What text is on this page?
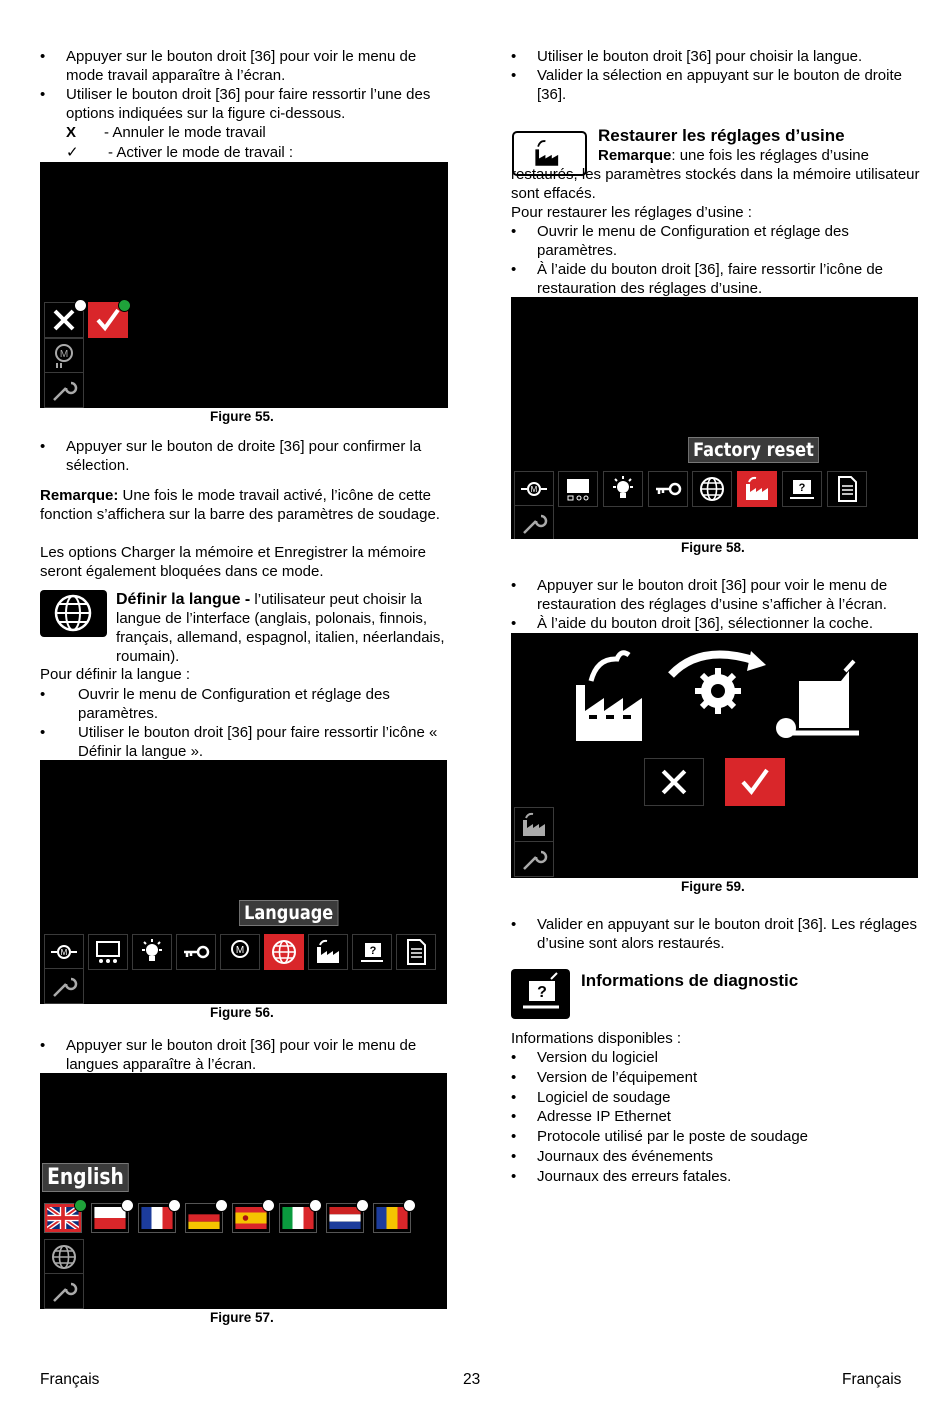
• Appuyer sur le bouton droit [36] pour voir le menu de mode travail apparaître à l’écran.
• Utiliser le bouton droit [36] pour faire ressortir l’une des options indiquées sur la figure ci-dessous.
X - Annuler le mode travail
✓ - Activer le mode de travail :
M
Figure 55.
• Appuyer sur le bouton de droite [36] pour confirmer la sélection.
Remarque: Une fois le mode travail activé, l’icône de cette fonction s’affichera sur la barre des paramètres de soudage.
Les options Charger la mémoire et Enregistrer la mémoire seront également bloquées dans ce mode.
Définir la langue - l’utilisateur peut choisir la langue de l’interface (anglais, polonais, finnois, français, allemand, espagnol, italien, néerlandais, roumain).
Pour définir la langue :
• Ouvrir le menu de Configuration et réglage des paramètres.
• Utiliser le bouton droit [36] pour faire ressortir l’icône « Définir la langue ».
Language
M	M	?
Figure 56.
• Appuyer sur le bouton droit [36] pour voir le menu de langues apparaître à l’écran.
English
Figure 57.
• Utiliser le bouton droit [36] pour choisir la langue.
• Valider la sélection en appuyant sur le bouton de droite [36].
Restaurer les réglages d’usine
Remarque: une fois les réglages d’usine restaurés, les paramètres stockés dans la mémoire utilisateur sont effacés.
Pour restaurer les réglages d’usine :
• Ouvrir le menu de Configuration et réglage des paramètres.
• À l’aide du bouton droit [36], faire ressortir l’icône de restauration des réglages d’usine.
Factory reset
M	?
Figure 58.
• Appuyer sur le bouton droit [36] pour voir le menu de restauration des réglages d’usine s’afficher à l’écran.
• À l’aide du bouton droit [36], sélectionner la coche.
Figure 59.
• Valider en appuyant sur le bouton droit [36]. Les réglages d’usine sont alors restaurés.
?
Informations de diagnostic
Informations disponibles :
• Version du logiciel
• Version de l’équipement
• Logiciel de soudage
• Adresse IP Ethernet
• Protocole utilisé par le poste de soudage
• Journaux des événements
• Journaux des erreurs fatales.
Français	23	Français
